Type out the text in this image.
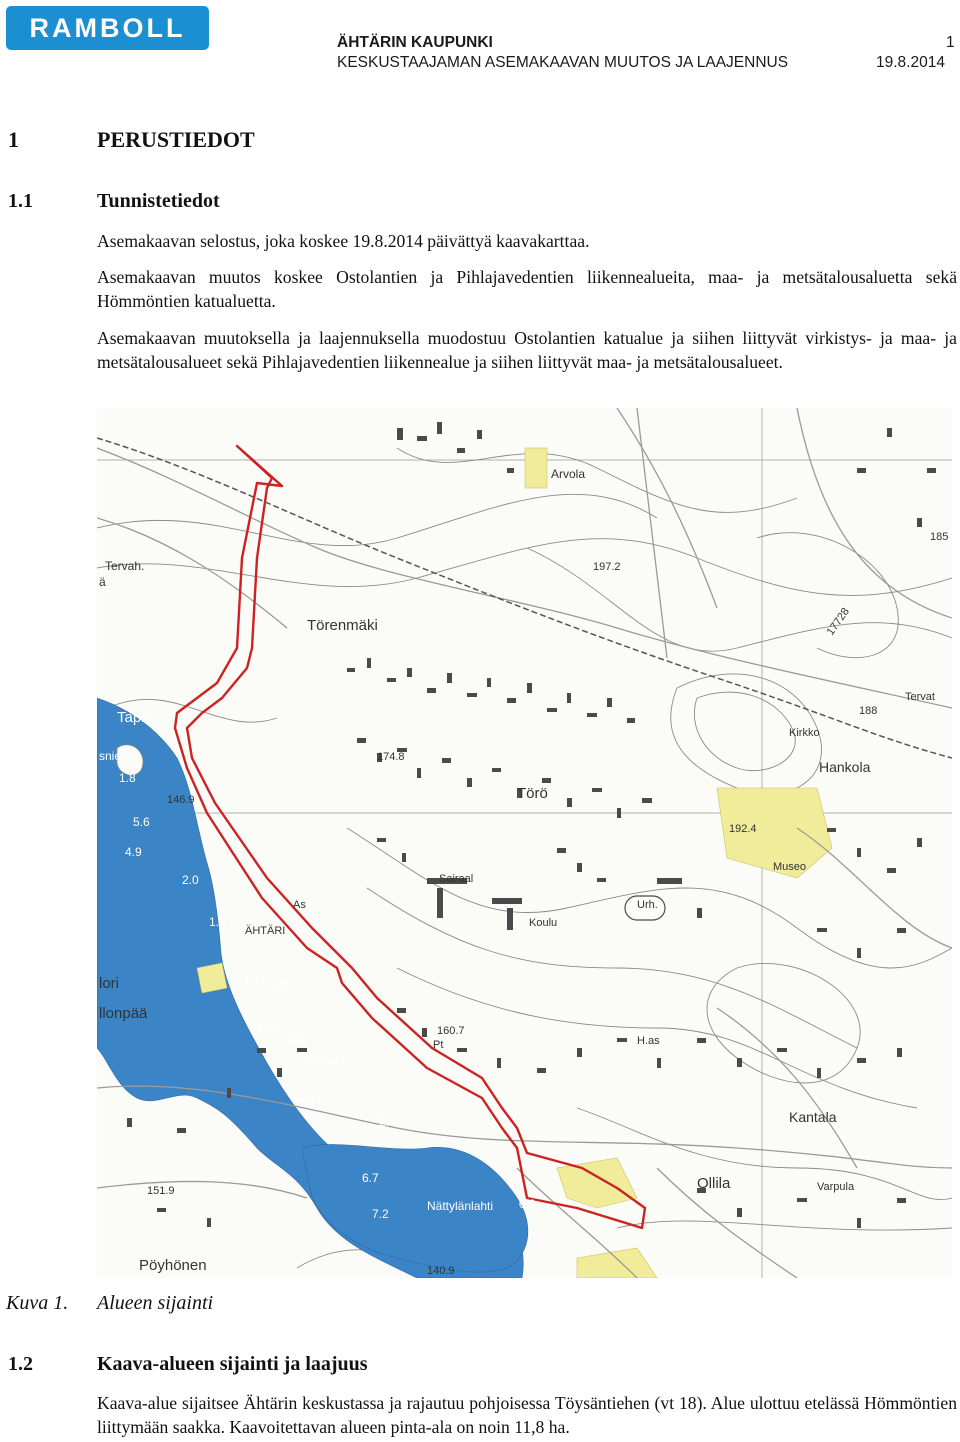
RAMBOLL	ÄHTÄRIN KAUPUNKI	1
KESKUSTAAJAMAN ASEMAKAAVAN MUUTOS JA LAAJENNUS	19.8.2014
1	PERUSTIEDOT
1.1	Tunnistetiedot
Asemakaavan selostus, joka koskee 19.8.2014 päivättyä kaavakarttaa.
Asemakaavan muutos koskee Ostolantien ja Pihlajavedentien liikennealueita, maa- ja metsätalousaluetta sekä Hömmöntien katualuetta.
Asemakaavan muutoksella ja laajennuksella muodostuu Ostolantien katualue ja siihen liittyvät virkistys- ja maa- ja metsätalousalueet sekä Pihlajavedentien liikennealue ja siihen liittyvät maa- ja metsätalousalueet.
Arvola
Tervah.
ä
Törenmäki
Tapio
sniemi
1.8
5.6
4.9
2.0
1.6
1.7 1.5
lori
llonpää
2.3
4.0
Umar
5.7
2.4
6.7
7.2
4.2
Pöyhönen
Nättylänlahti 0.9
146.9
151.9
140.9
160.7
174.8
197.2
185
188
192.4
17728
Törö
Sairaal
Koulu
Urh.
As
ÄHTÄRI
Kirkko
Hankola
Museo
Kantala
Ollila	Varpula
Tervat
Pt	H.as
Kuva 1. Alueen sijainti
1.2	Kaava-alueen sijainti ja laajuus
Kaava-alue sijaitsee Ähtärin keskustassa ja rajautuu pohjoisessa Töysäntiehen (vt 18). Alue ulottuu etelässä Hömmöntien liittymään saakka. Kaavoitettavan alueen pinta-ala on noin 11,8 ha.
